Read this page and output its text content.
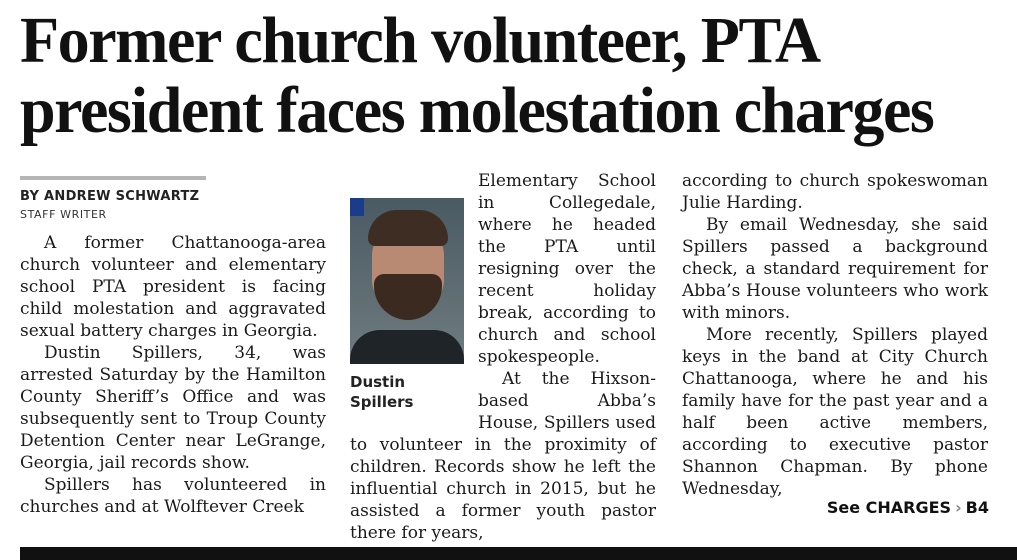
Former church volunteer, PTA
president faces molestation charges
BY ANDREW SCHWARTZ
STAFF WRITER

A former Chattanooga-area church volunteer and elementary school PTA president is facing child molestation and aggravated sexual battery charges in Georgia.

Dustin Spillers, 34, was arrested Saturday by the Hamilton County Sheriff’s Office and was subsequently sent to Troup County Detention Center near LeGrange, Georgia, jail records show.

Spillers has volunteered in churches and at Wolftever Creek

Dustin
Spillers

Elementary School in Collegedale, where he headed the PTA until resigning over the recent holiday break, according to church and school spokespeople.

At the Hixson-based Abba’s House, Spillers used to volunteer in the proximity of children. Records show he left the influential church in 2015, but he assisted a former youth pastor there for years,

according to church spokeswoman Julie Harding.

By email Wednesday, she said Spillers passed a background check, a standard requirement for Abba’s House volunteers who work with minors.

More recently, Spillers played keys in the band at City Church Chattanooga, where he and his family have for the past year and a half been active members, according to executive pastor Shannon Chapman. By phone Wednesday,

See CHARGES › B4
